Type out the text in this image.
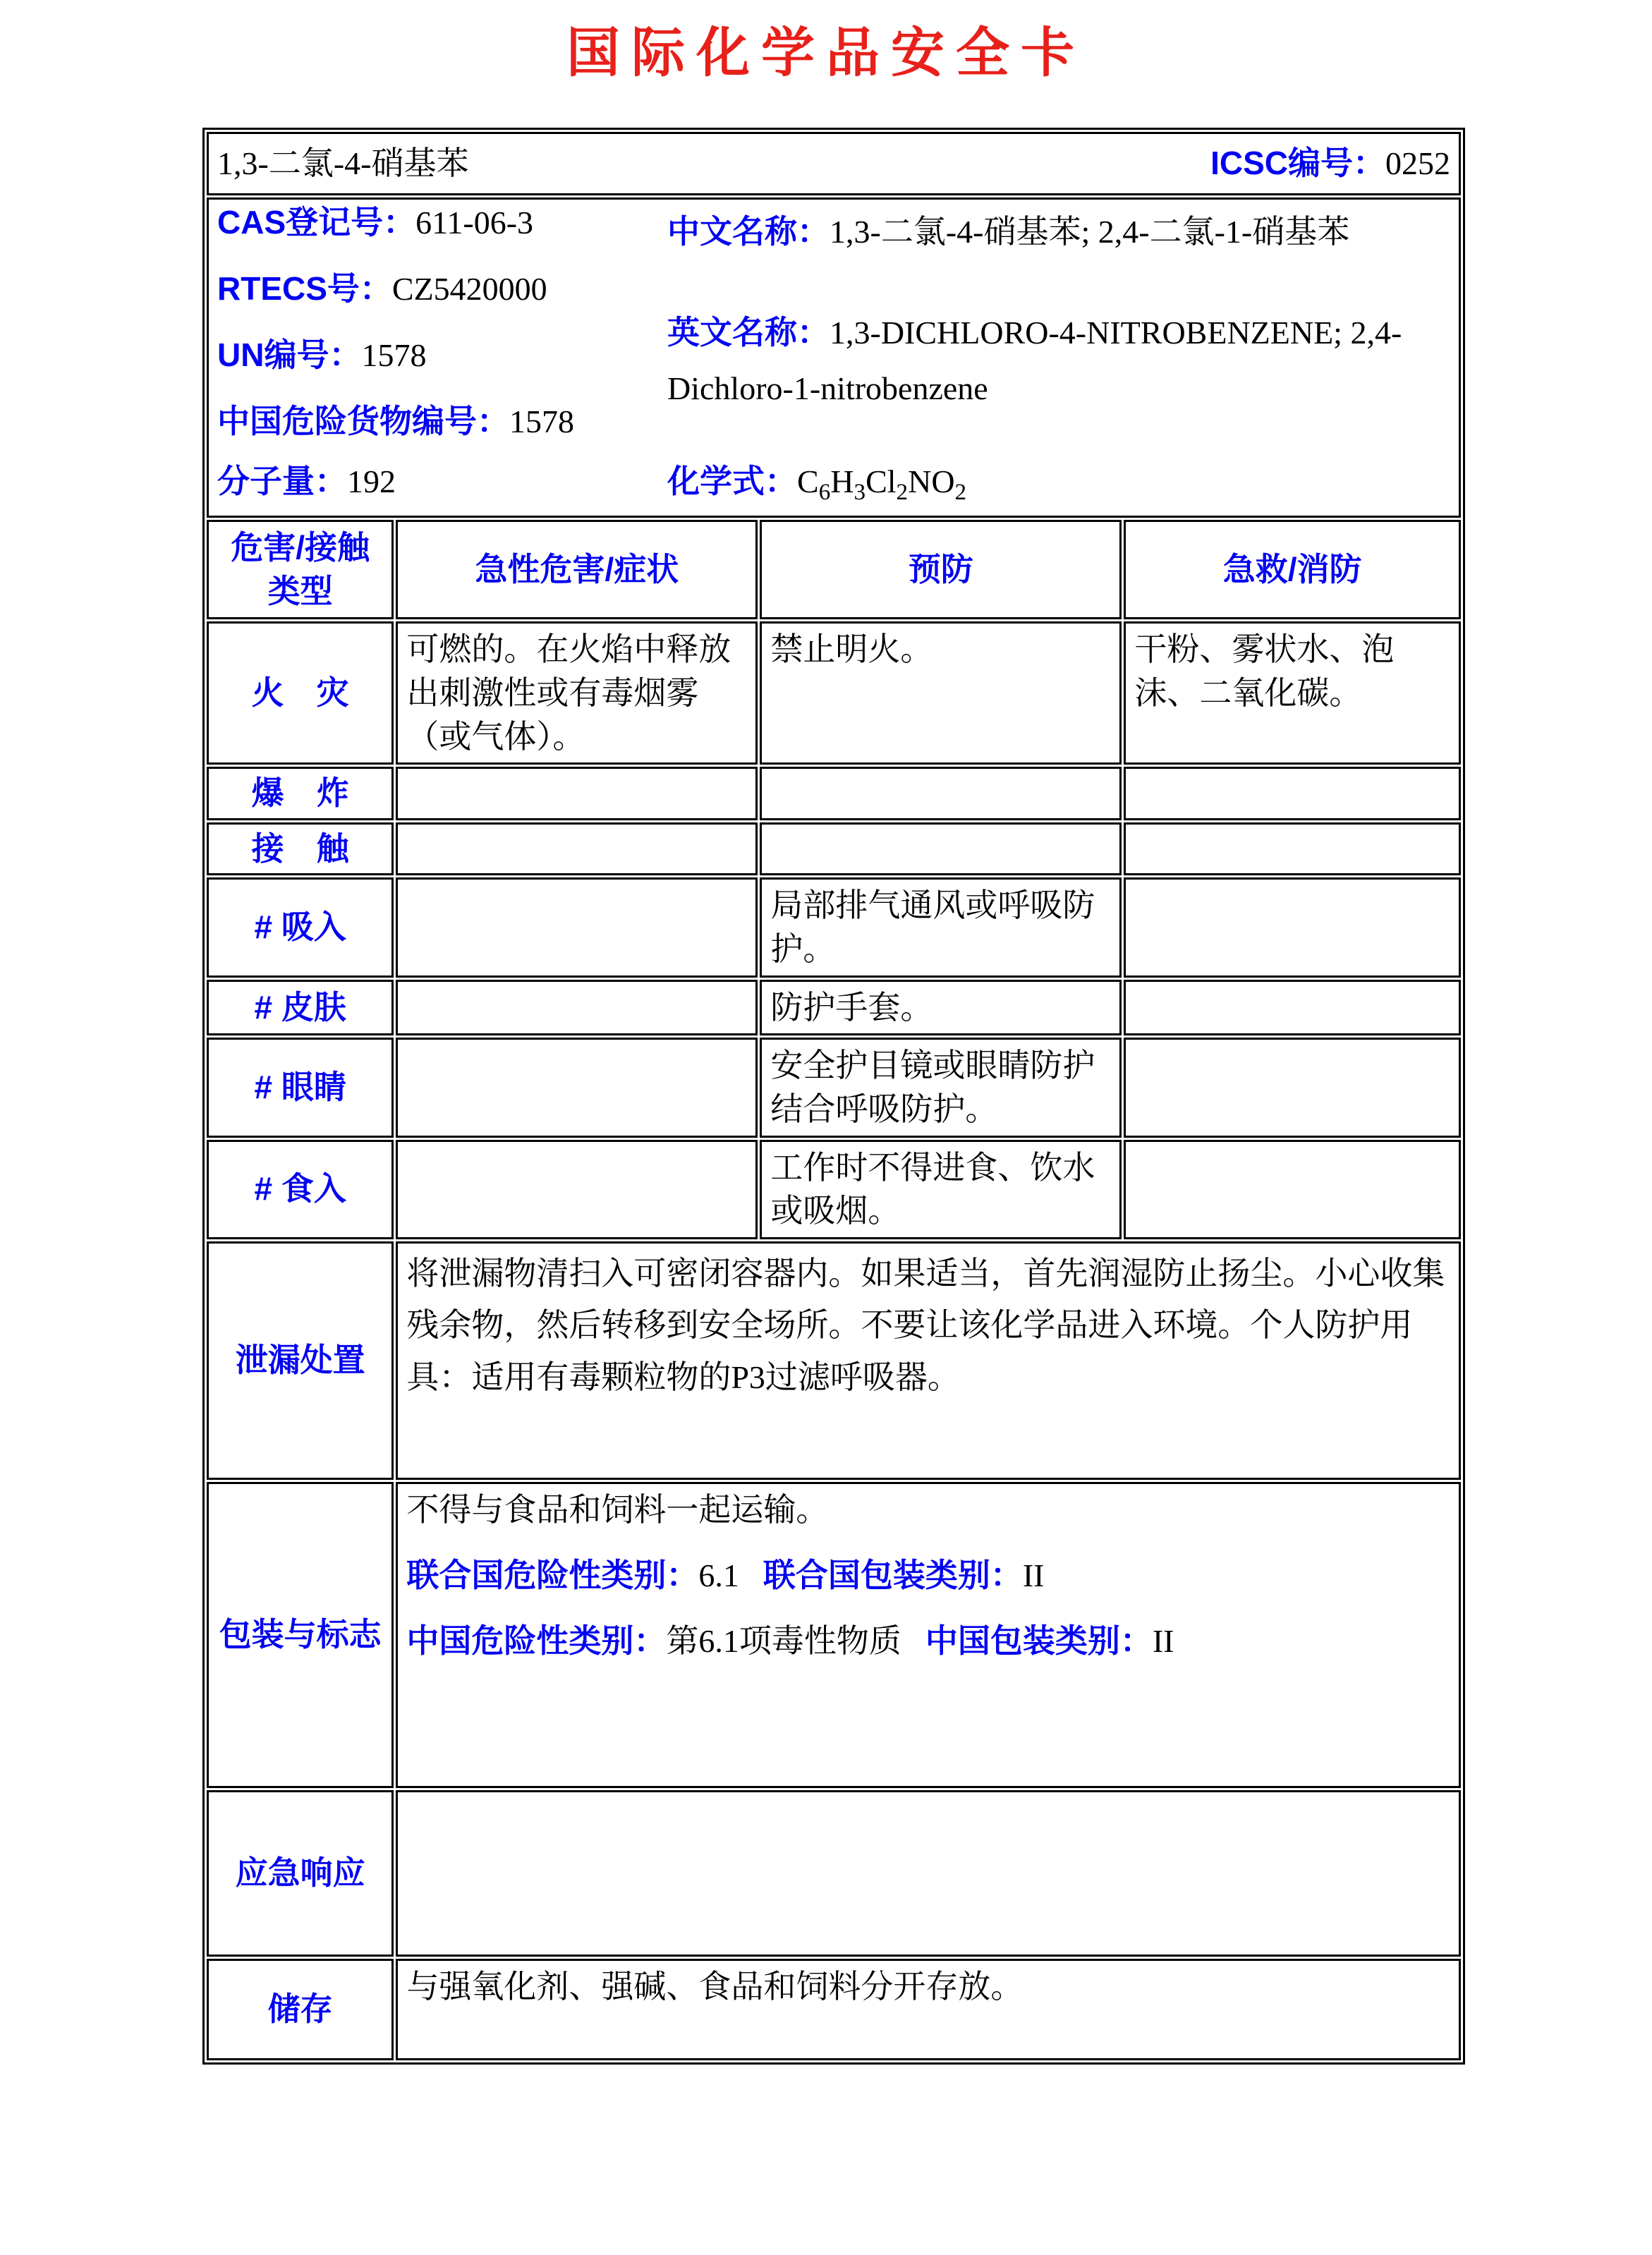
国际化学品安全卡
1,3-二氯-4-硝基苯 ICSC编号：0252			

CAS登记号：611-06-3

RTECS号：CZ5420000

UN编号：1578

中国危险货物编号：1578

中文名称：1,3-二氯-4-硝基苯; 2,4-二氯-1-硝基苯

英文名称：1,3-DICHLORO-4-NITROBENZENE; 2,4-Dichloro-1-nitrobenzene

分子量：192	化学式：$C_6H_3Cl_2NO_2$

危害/接触 类型	急性危害/症状	预防	急救/消防
火　灾	可燃的。在火焰中释放出刺激性或有毒烟雾（或气体）。	禁止明火。	干粉、雾状水、泡沫、二氧化碳。
爆　炸			
接　触			
# 吸入		局部排气通风或呼吸防护。	
# 皮肤		防护手套。	
# 眼睛		安全护目镜或眼睛防护结合呼吸防护。	
# 食入		工作时不得进食、饮水或吸烟。	
泄漏处置	将泄漏物清扫入可密闭容器内。如果适当，首先润湿防止扬尘。小心收集残余物，然后转移到安全场所。不要让该化学品进入环境。个人防护用具：适用有毒颗粒物的P3过滤呼吸器。		

包装与标志	不得与食品和饲料一起运输。

联合国危险性类别：6.1 联合国包装类别：II

中国危险性类别：第6.1项毒性物质 中国包装类别：II		

应急响应			
储存	与强氧化剂、强碱、食品和饲料分开存放。		
